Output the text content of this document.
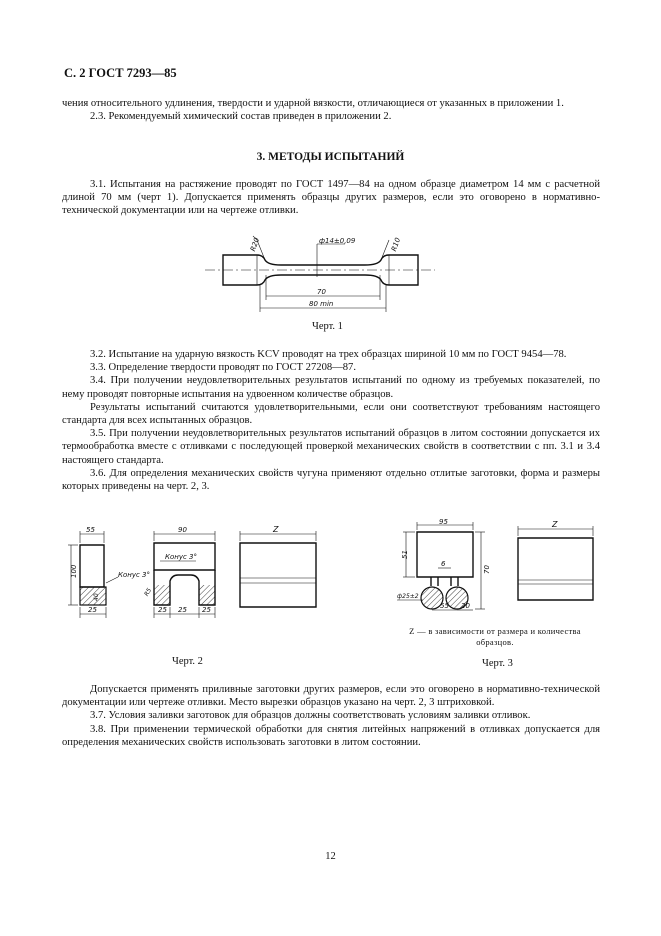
С. 2 ГОСТ 7293—85

чения относительного удлинения, твердости и ударной вязкости, отличающиеся от указанных в приложении 1.

2.3. Рекомендуемый химический состав приведен в приложении 2.

3. МЕТОДЫ ИСПЫТАНИЙ

3.1. Испытания на растяжение проводят по ГОСТ 1497—84 на одном образце диаметром 14 мм с расчетной длиной 70 мм (черт 1). Допускается применять образцы других размеров, если это оговорено в нормативно-технической документации или на чертеже отливки.

R20	R10
ф14±0,09
70
80 min
Черт. 1

3.2. Испытание на ударную вязкость KCV проводят на трех образцах шириной 10 мм по ГОСТ 9454—78.

3.3. Определение твердости проводят по ГОСТ 27208—87.

3.4. При получении неудовлетворительных результатов испытаний по одному из требуемых показателей, по нему проводят повторные испытания на удвоенном количестве образцов.

Результаты испытаний считаются удовлетворительными, если они соответствуют требованиям настоящего стандарта для всех испытанных образцов.

3.5. При получении неудовлетворительных результатов испытаний образцов в литом состоянии допускается их термообработка вместе с отливками с последующей проверкой механических свойств в соответствии с пп. 3.1 и 3.4 настоящего стандарта.

3.6. Для определения механических свойств чугуна применяют отдельно отлитые заготовки, форма и размеры которых приведены на черт. 2, 3.

55
100
40
25
Конус 3°
Конус 3°
90
R5
25 25 25
Z
Черт. 2
95
51
70
6
ф25±2
55 20
Z
Z — в зависимости от размера и количества образцов.
Черт. 3

Допускается применять приливные заготовки других размеров, если это оговорено в нормативно-технической документации или чертеже отливки. Место вырезки образцов указано на черт. 2, 3 штриховкой.

3.7. Условия заливки заготовок для образцов должны соответствовать условиям заливки отливок.

3.8. При применении термической обработки для снятия литейных напряжений в отливках допускается для определения механических свойств использовать заготовки в литом состоянии.

12
